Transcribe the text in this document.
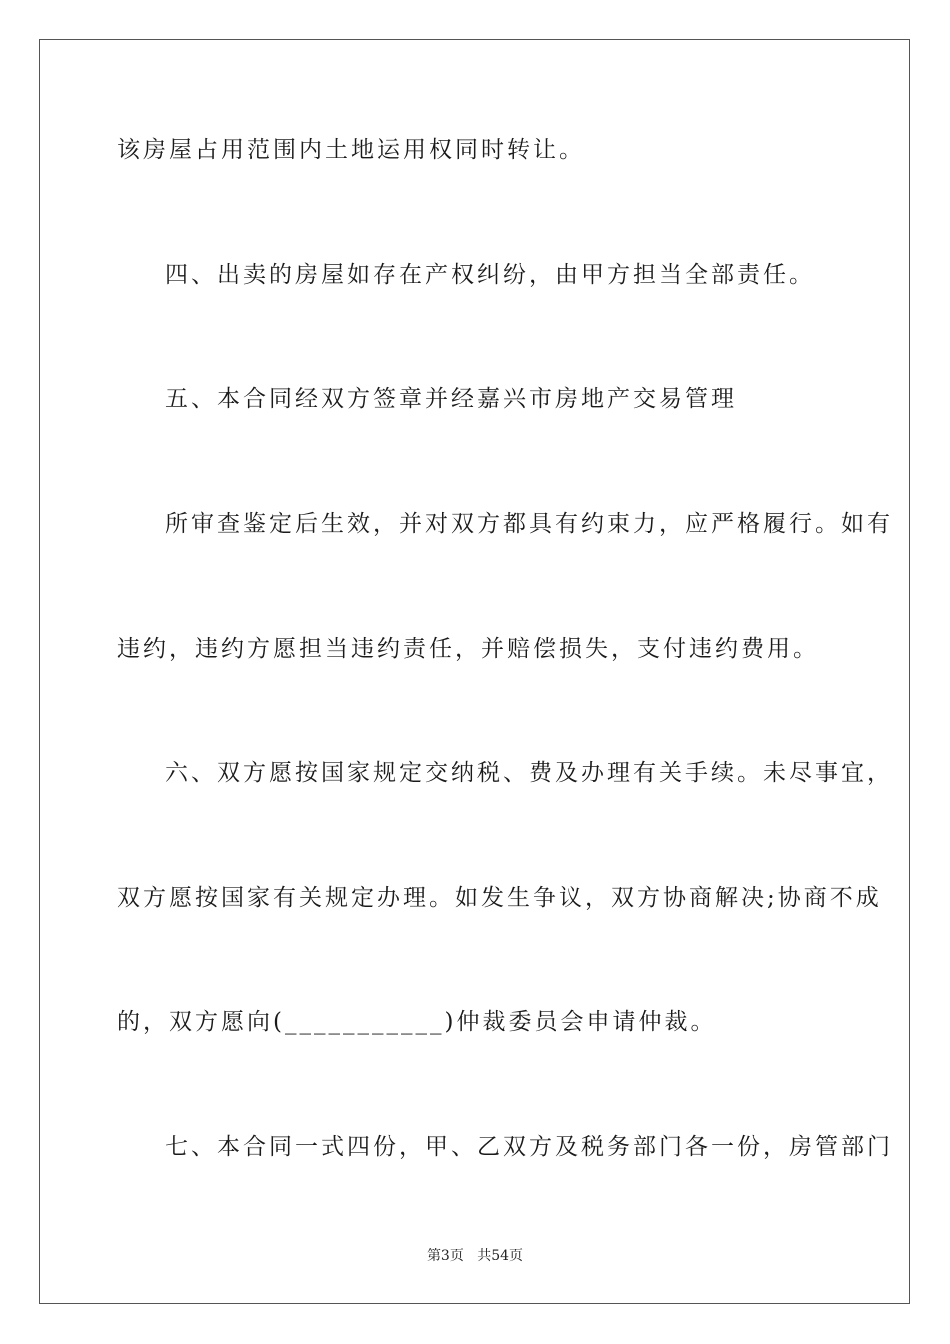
该房屋占用范围内土地运用权同时转让。
四、出卖的房屋如存在产权纠纷，由甲方担当全部责任。
五、本合同经双方签章并经嘉兴市房地产交易管理
所审查鉴定后生效，并对双方都具有约束力，应严格履行。如有
违约，违约方愿担当违约责任，并赔偿损失，支付违约费用。
六、双方愿按国家规定交纳税、费及办理有关手续。未尽事宜，
双方愿按国家有关规定办理。如发生争议，双方协商解决;协商不成
的，双方愿向(___________)仲裁委员会申请仲裁。
七、本合同一式四份，甲、乙双方及税务部门各一份，房管部门
第3页 共54页
